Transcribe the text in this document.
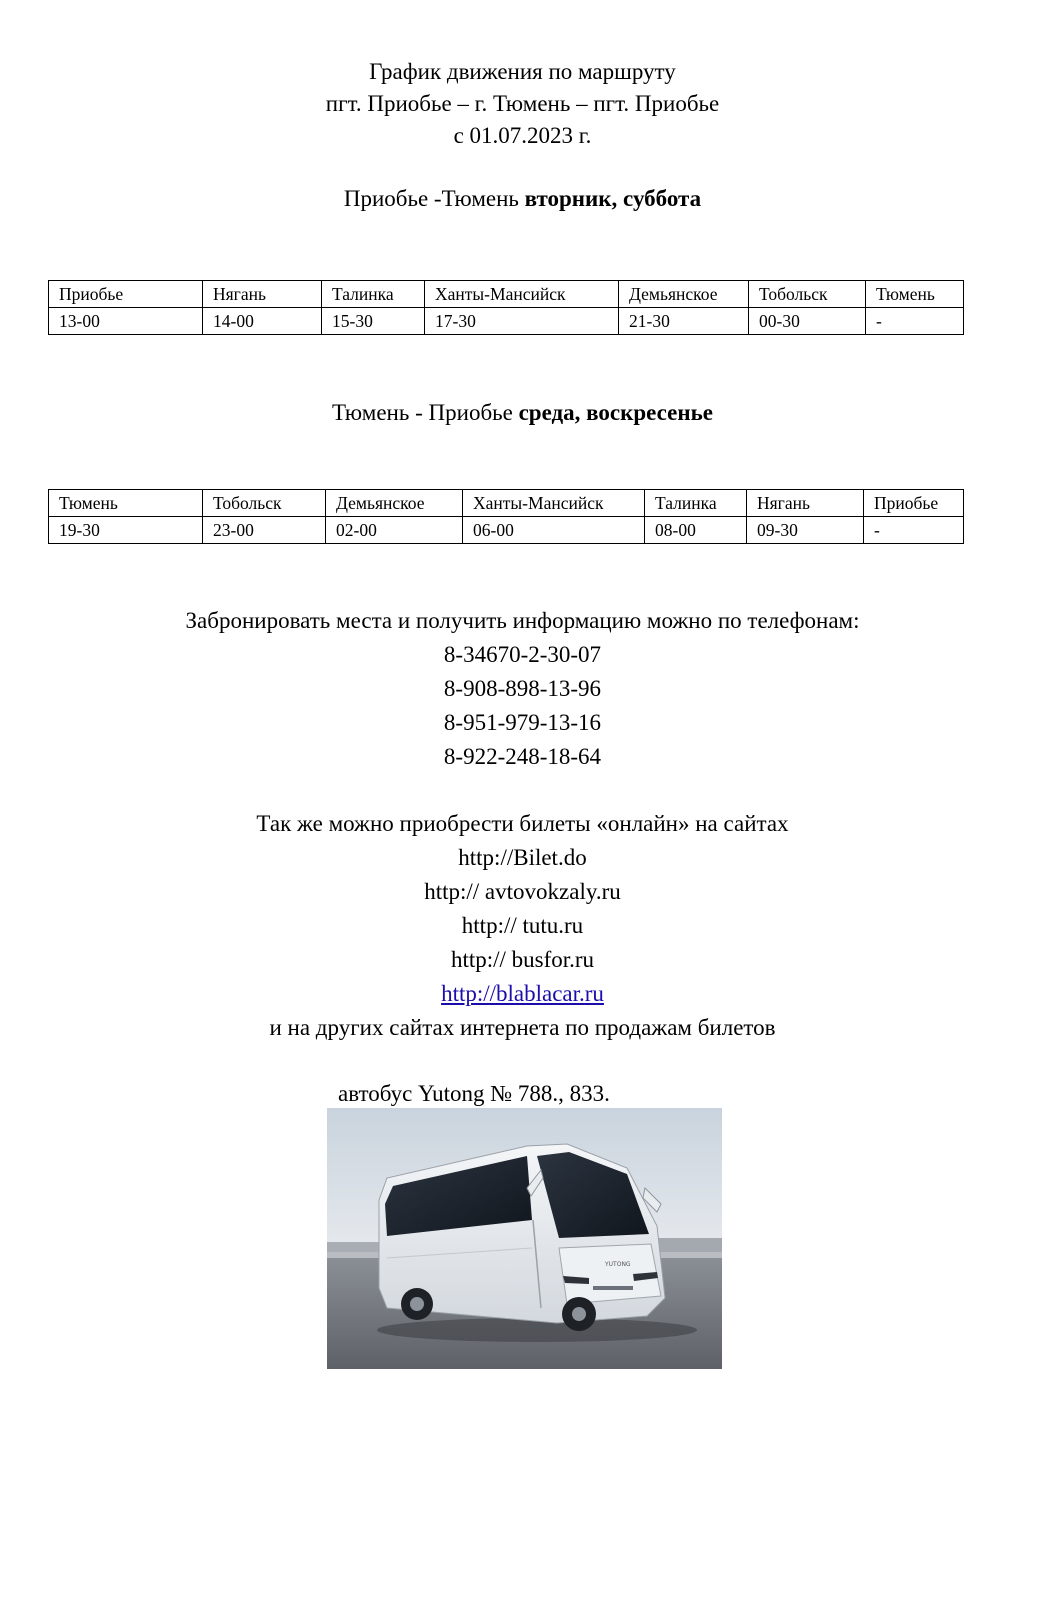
График движения по маршруту
пгт. Приобье – г. Тюмень – пгт. Приобье
с 01.07.2023 г.
Приобье -Тюмень вторник, суббота
Приобье	Нягань	Талинка	Ханты-Мансийск	Демьянское	Тобольск	Тюмень
13-00	14-00	15-30	17-30	21-30	00-30	-
Тюмень - Приобье среда, воскресенье
Тюмень	Тобольск	Демьянское	Ханты-Мансийск	Талинка	Нягань	Приобье
19-30	23-00	02-00	06-00	08-00	09-30	-
Забронировать места и получить информацию можно по телефонам:
8-34670-2-30-07
8-908-898-13-96
8-951-979-13-16
8-922-248-18-64
Так же можно приобрести билеты «онлайн» на сайтах
http://Bilet.do
http:// avtovokzaly.ru
http:// tutu.ru
http:// busfor.ru
http://blablacar.ru
и на других сайтах интернета по продажам билетов
автобус Yutong № 788., 833.
YUTONG
